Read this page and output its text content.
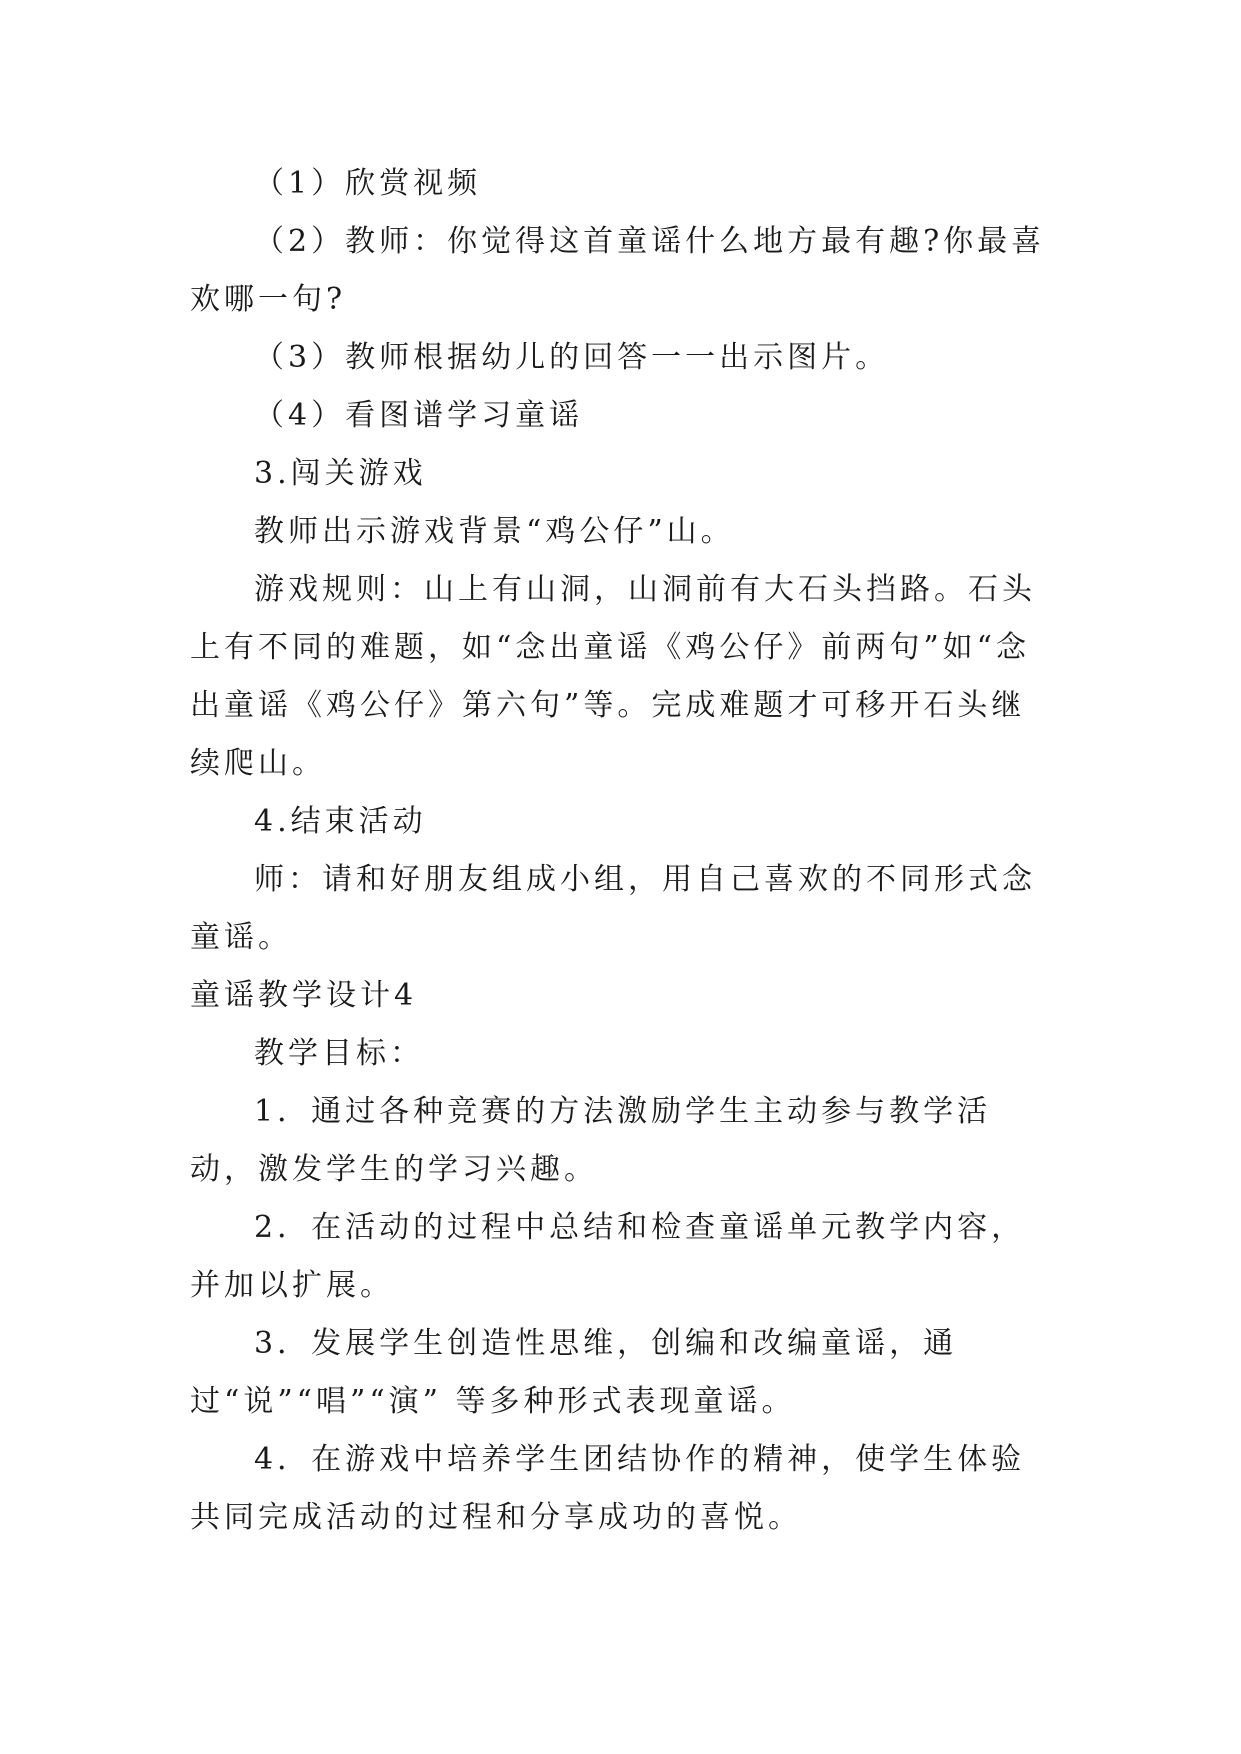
（1）欣赏视频

（2）教师：你觉得这首童谣什么地方最有趣?你最喜欢哪一句?

（3）教师根据幼儿的回答一一出示图片。

（4）看图谱学习童谣

3.闯关游戏

教师出示游戏背景“鸡公仔”山。

游戏规则：山上有山洞，山洞前有大石头挡路。石头上有不同的难题，如“念出童谣《鸡公仔》前两句”如“念出童谣《鸡公仔》第六句”等。完成难题才可移开石头继续爬山。

4.结束活动

师：请和好朋友组成小组，用自己喜欢的不同形式念童谣。

童谣教学设计4

教学目标：

1．通过各种竞赛的方法激励学生主动参与教学活动，激发学生的学习兴趣。

2．在活动的过程中总结和检查童谣单元教学内容，并加以扩展。

3．发展学生创造性思维，创编和改编童谣，通过“说”“唱”“演” 等多种形式表现童谣。

4．在游戏中培养学生团结协作的精神，使学生体验共同完成活动的过程和分享成功的喜悦。
